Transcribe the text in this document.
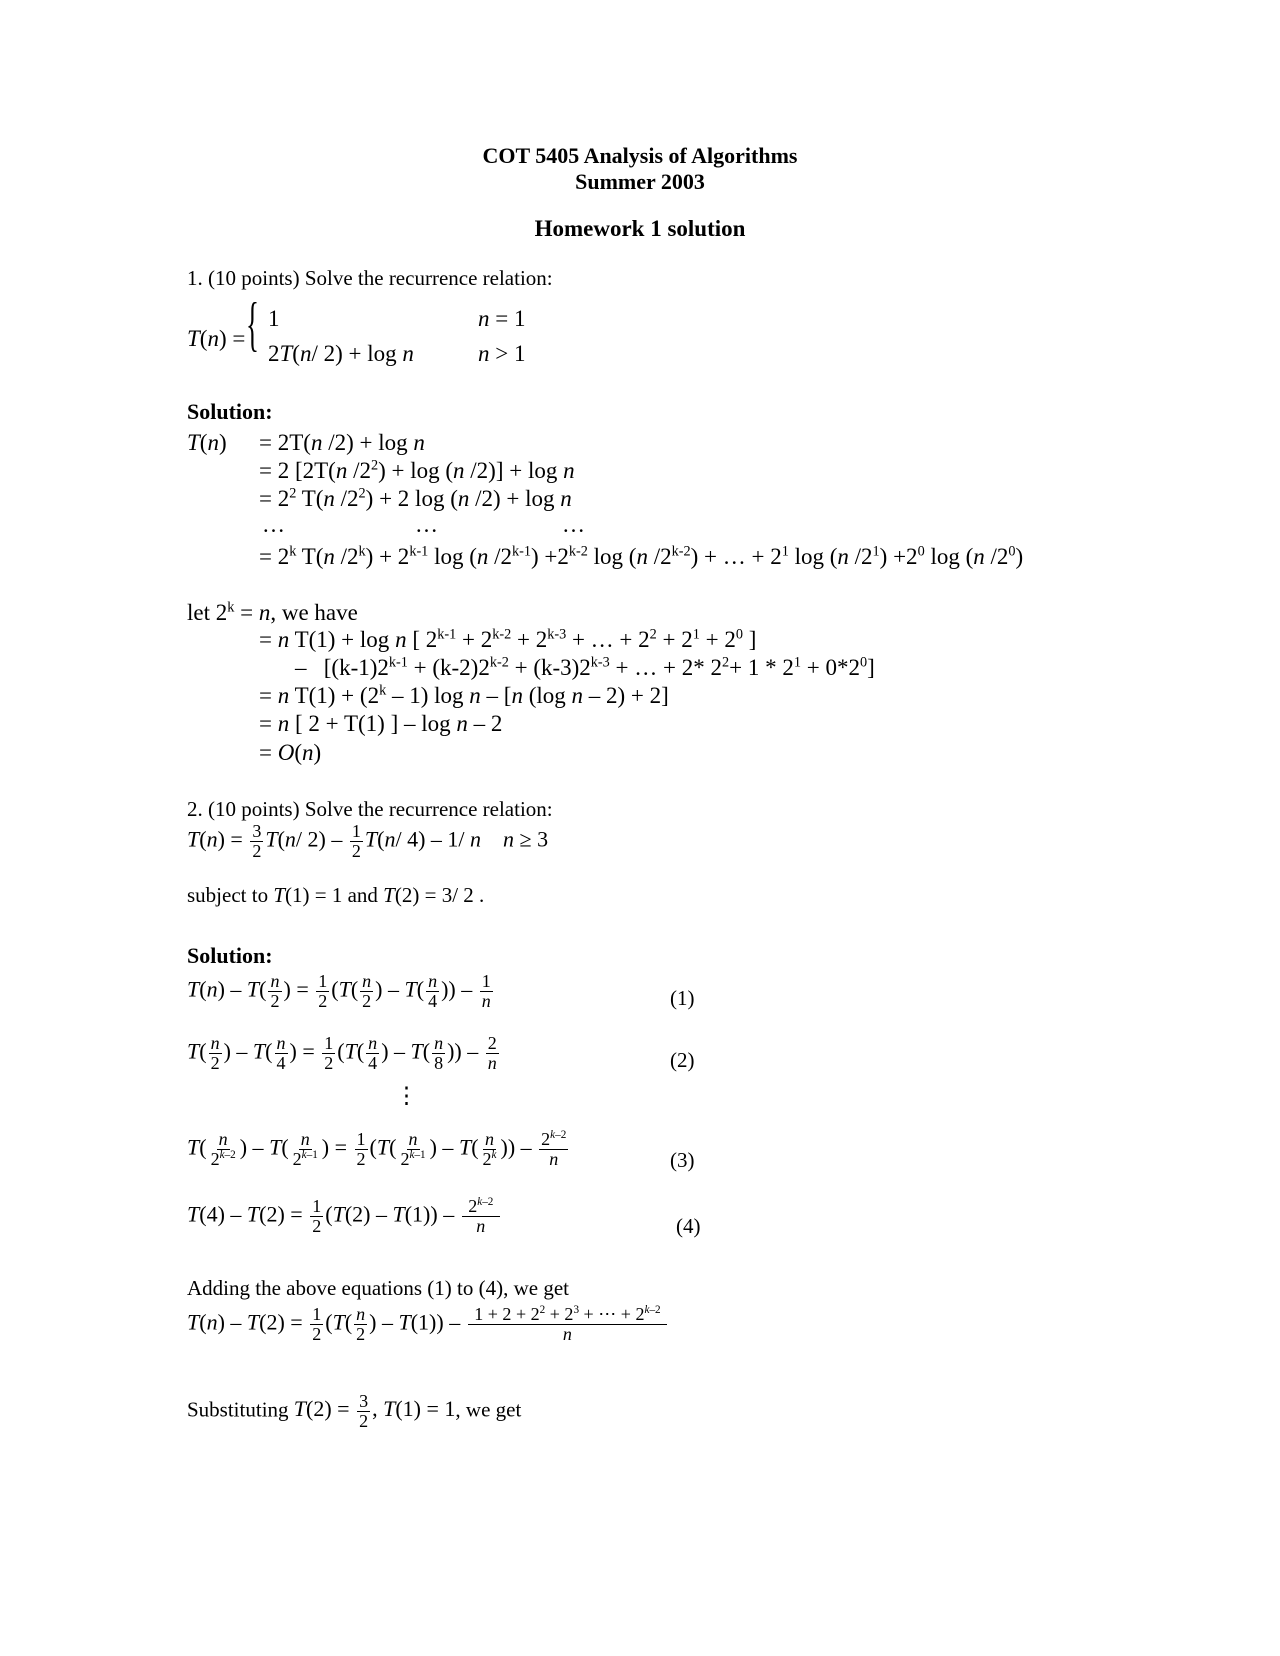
COT 5405 Analysis of Algorithms
Summer 2003
Homework 1 solution
1. (10 points) Solve the recurrence relation:
T(n) = { 1	n = 1
2T(n/ 2) + log n	n > 1
Solution:
T(n) = 2T(n /2) + log n
= 2 [2T(n $/2^2) + \log (n$ /2)] + log n
= $2^2$ T(n $/2^2) + 2$ log (n /2) + log n
…	…	…
= $2^k$ T(n $/2^k) + 2^{k-1}$ log (n $/2^{k-1}) +2^{k-2}$ log (n $/2^{k-2}$) + … + $2^1$ log (n $/2^1) +2^0$ log (n $/2^0$)
let $2^k = n$, we have
= n T(1) + log n [ $2^{k-1} + 2^{k-2} + 2^{k-3}$ + … + $2^2 + 2^1 + 2^0$ ]
–   [$(k-1)2^{k-1} + (k-2)2^{k-2} + (k-3)2^{k-3}$ + … + 2* $2^2+ 1 * 2^1 + 0*2^0$]
= n $T(1) + (2^k - 1)$ log n – [n (log n – 2) + 2]
= n [ 2 + T(1) ] – log n – 2
= O(n)
2. (10 points) Solve the recurrence relation:
$T(n) = \frac{3}{2} T(n/$ $2) - \frac{1}{2} T(n/$ 4) – 1/ n n ≥ 3
subject to T(1) = 1 and T(2) = 3/ 2 .
Solution:
$T(n) - T( \frac{n}{2}$ ) = $\frac{1}{2} (T( \frac{n}{2}$ ) – $T( \frac{n}{4}$ )) – $\frac{1}{n}$	(1)
$T( \frac{n}{2}$ ) – $T( \frac{n}{4}$ ) = $\frac{1}{2} (T( \frac{n}{4}$ ) – $T( \frac{n}{8}$ )) – $\frac{2}{n}$	(2)
⋮
$T( \frac{n}{2^{k-2}}$ ) – $T( \frac{n}{2^{k-1}}$ ) = $\frac{1}{2} (T( \frac{n}{2^{k-1}}$ ) – $T( \frac{n}{2^k}$ )) – $\frac{2^{k-2}}{n}$	(3)
$T(4) - T(2) = \frac{1}{2} (T(2) - T(1)) - \frac{2^{k-2}}{n}$	(4)
Adding the above equations (1) to (4), we get
$T(n) - T(2) = \frac{1}{2} (T( \frac{n}{2}$ ) – $T(1)) - \frac{1 + 2 + 2^2 + 2^3 + \cdots + 2^{k-2}}{n}$
Substituting $T(2) = \frac{3}{2}$ , T(1) = 1, we get
